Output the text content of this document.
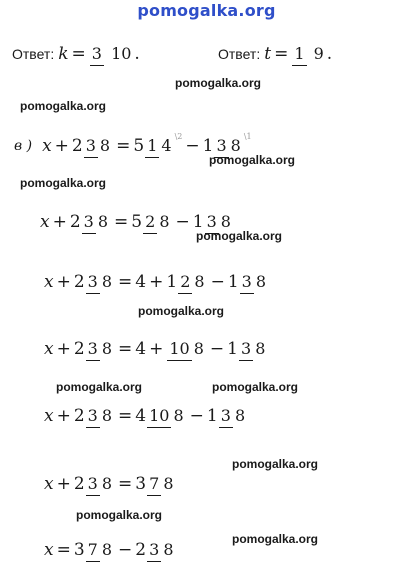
pomogalka.org
Ответ: k = 3 10 .	Ответ: t = 1 9 .
pomogalka.org
pomogalka.org
pomogalka.org
pomogalka.org
pomogalka.org
pomogalka.org
pomogalka.org	pomogalka.org
pomogalka.org
pomogalka.org
pomogalka.org
в ) x + 2 3 8 = 5 1 4 \2 − 1 3 8 \1
x + 2 3 8 = 5 2 8 − 1 3 8
x + 2 3 8 = 4 + 1 2 8 − 1 3 8
x + 2 3 8 = 4 + 10 8 − 1 3 8
x + 2 3 8 = 4 10 8 − 1 3 8
x + 2 3 8 = 3 7 8
x = 3 7 8 − 2 3 8
